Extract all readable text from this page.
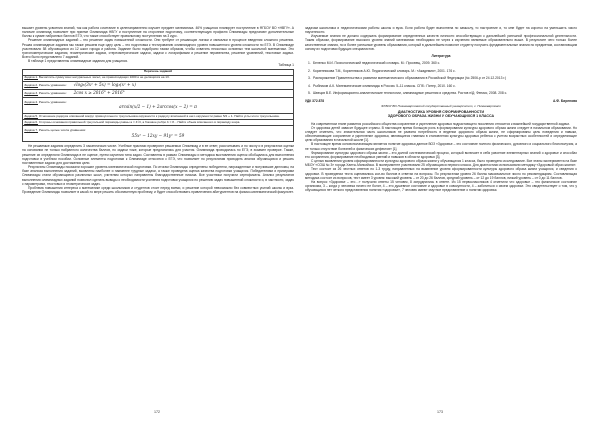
вышает уровень усвоения знаний, так как работа сочетание в целенаправленно изучает предмет математика. 46% учащихся планирует поступление в ФГБОУ ВО «НВГУ». А наличие олимпиад позволяет при приеме Олимпиада НВГУ и поступление на сторонние подготовку, соответствующую профилю Олимпиады предлагают дополнительные баллы к сумме набранных баллов ЕГЭ, что также способствует правильному поступлению на 3 курс.

Решение олимпиадных заданий – это решение задач повышенной сложности. Они требуют от решающих логики и смекалки в процессе введения сложного решения. Решая олимпиадные задания мы также решаем еще одну цель – это подготовка к тестированию олимпиадного уровня повышенного уровня сложности по ЕГЭ. В Олимпиаде участвовало 58 обучающихся из 12 школ города и района. Задание было подобрано таким образом, чтобы охватить несколько основных тем школьной математики. Это тригонометрические задания, геометрические задачи, стереометрические задачи, задачи с логарифмами и решение неравенства, решение уравнений, текстовые задачи. Всего было представлено 7 заданий.

В таблице 1 представлены олимпиадные задания для учащихся.

Таблица 1
Перечень заданий
Задача 1. Вычислить сумму всех натуральных чисел, не превосходящих 1000 и не делящихся на 13.
Задача 2. Решить уравнение: √log₃(3x² + 5x) = log₃(x² + x)
Задача 3. Решить уравнение: 2cos x ≥ 2016° + 2016°
Задача 4. Решить уравнение:
arcsin(x/2 − 1) + 2arccos(x − 2) = π

Задача 5. Отношение радиуса описанной вокруг прямоугольного треугольника окружности к радиусу вписанной в него окружности равно 5/2 + 1. Найти углы этого треугольника.
Задача 6. Стороны основания правильной треугольной пирамиды равны а = 4√3, а боковое ребро b = 8... Найти объем вписанного в пирамиду шара.
Задача 7. Решить целые числа уравнения:
55x² − 12xy − 91y² = 59

Не решаемые задания определить 3 хаоатических чисел. Учебные практики проверяют решаемых Олимпиад и в ее ответ, рассчитывать и по числу и в результатах оценки на основании не только набранного количества баллов, но задачи тоже, которые предлагались для участия. Олимпиада проводилась по ЕГЭ, в экзамен проверке. Также, решение их определяли Олимпиада в не оценке, путем изучения типа задач. Составлены в рамках Олимпиады и методика выставления оценок обобщались для выполнения подготовки в учебном пособии. Основные элементы подготовки к Олимпиаде относятся с ЕГЭ, что позволяет по результатам проводить анализ обучающихся и решать поставленные задачи для достижения цели.

Результаты Олимпиады показали хорошие уровень математической подготовки. По итогам Олимпиады определены победители, награжденные и получившие дипломы, на базе анализа выполнения заданий, выявлены наиболее и наименее трудные задачи, а также проведена оценка качества подготовки учащихся. Победителями и призерами Олимпиады стали обучающиеся различных школ, учителям которых направлены благодарственные письма. Все участники получили сертификаты. Анализ результатов выполнения олимпиадных заданий позволил сделать выводы о необходимости усиления подготовки учащихся по решению задач повышенной сложности и, в частности, задач с параметрами, текстовых и геометрических задач.

Проблема повышения интереса к математике среди школьников и студентов стоит перед всеми, и решение которой невозможно без совместных усилий школы и вуза. Проведение Олимпиады позволяет в какой-то мере решить обозначенную проблему, и будет способствовать привлечению абитуриентов на физико-математический факультет.

172

задачам школьника и педагогическими работы школы и вуза. Если работа будет выполнена по замыслу, то настроение и, то мне будет на коротко на уменьшить число наученности.

Изучаемые знания не должно содержать формирование определенных качеств личности способствующих к дальнейшей успешной профессиональной деятельности. Таким образом, формирование высокого уровня знаний математики необходимо не через к изучению являемые образовательно выше. В результате чего только более качественные знания, но и более успешные уровень образования, который в дальнейшем позволит студенту получить фундаментальные знания по предметам, составляющим основу их подготовки будущих специалистов.

Литература

1. Беленко М.И. Психологический педагогический словарь. М.: Просвещ. 2009. 360 с.

2. Корзенникова Т.М., Корзенников А.Ю. Педагогический словарь. М.: «Академия», 2001. 176 с.

3. Распоряжение Правительства о развитии математического образования в Российской Федерации (№ 2506-р от 24.12.2013 г.)

4. Рыбников А.К. Математические олимпиады в России. 5–11 классы. СПб.: Питер, 2010. 160 с.

5. Швецов В.Е. Информационно-аналитические технологии, олимпиадные решения и средства. Ростов н/Д: Феникс, 2008. 208 с.

УДК 372.878	А.Ф. Биренова
ФГБОУ ВО Нижневартовский государственный университет, г. Нижневартовск
ДИАГНОСТИКА УРОВНЯ СФОРМИРОВАННОСТИ
ЗДОРОВОГО ОБРАЗА ЖИЗНИ У ОБУЧАЮЩИХСЯ 1 КЛАССА

На современном этапе развития российского общества сохранение и укрепление здоровья подрастающего поколения относится к важнейшей государственной задачи.

От здоровья детей зависит будущее страны. В настоящее время большую роль в формировании культуры здорового образа жизни следует в начальном образовании. Но следует отметить, что значительная часть школьников не развита потребность в ведении здорового образа жизни, не сформированы цель поведения и навыки, обеспечивающие сохранение и укрепление здоровья, являющиеся главным в становлении культуры здоровья ребенка с учетом возрастных особенностей и определяющие цели образования в начальной школе [1].

В настоящее время основополагающим является понятие здоровья данное ВОЗ «Здоровье – это состояние полного физического, духовного и социального благополучия, а не только отсутствие болезней и физических дефектов» [1].

Формирование культуры здорового образа жизни – это долгий систематический процесс, который включает в себя усвоение элементарных знаний о здоровье и способах его сохранения, формирование необходимых умений и навыков в области здоровья [3].

С целью выявления уровня сформированности культуры здорового образа жизни у обучающихся 1 класса, было проведено исследование. Все этапы эксперимента на базе МБОУ «СОШ № 3» города Ханты-Мансийска. В эксперименте участвовали 25 обучающихся первого класса. Для диагностики использовали методику «Здоровый образ жизни».

Тест состоит из 26 честных ответов по 1-3 труду, направленных на выявление уровня сформированности культуры здорового образа жизни учащихся, и сведения о здоровье. В проведении теста оценивались кол-во баллов в ответах на вопросы. По результатам уровня 26 баллы максимальное число по рекомендациям. Составляющая методика состоит из вопросов, тест имеет 3 уровня: высокий уровень – от 20 до 26 баллов, средний уровень – от 12 до 19 баллов, низкий уровень – от 0 до 11 баллов.

На вопрос «Здоровье – это…» получили ответы 15 человек, 8 затруднились в ответе. Из 15 первоклассников 4 отметили что здоровье – это физическое состояние организма, 3 – когда у человека ничего не болит, 4 – это душевное состояние и здоровье в совокупности, 4 – заботиться о своем здоровье. Это свидетельствует о том, что у обучающихся нет четкого представления понятия «здоровье», 7 человек имеют смутное представление о понятии здоровья.

173
